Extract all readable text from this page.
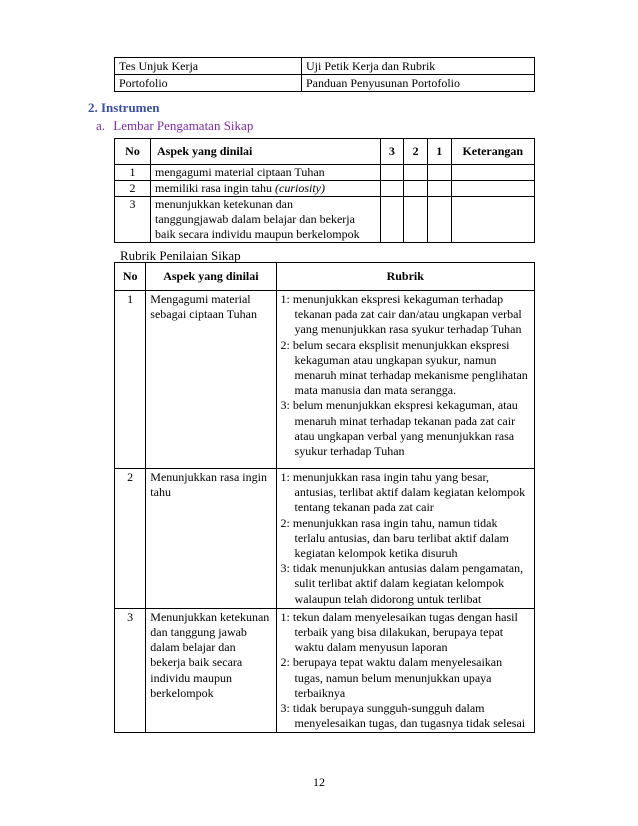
Tes Unjuk Kerja	Uji Petik Kerja dan Rubrik
Portofolio	Panduan Penyusunan Portofolio
2. Instrumen
a. Lembar Pengamatan Sikap
No	Aspek yang dinilai	3	2	1	Keterangan
1	mengagumi material ciptaan Tuhan				
2	memiliki rasa ingin tahu (curiosity)				
3	menunjukkan ketekunan dan
tanggungjawab dalam belajar dan bekerja
baik secara individu maupun berkelompok				

Rubrik Penilaian Sikap
No	Aspek yang dinilai	Rubrik
1	Mengagumi material sebagai ciptaan Tuhan	1: menunjukkan ekspresi kekaguman terhadap tekanan pada zat cair dan/atau ungkapan verbal yang menunjukkan rasa syukur terhadap Tuhan
2: belum secara eksplisit menunjukkan ekspresi kekaguman atau ungkapan syukur, namun menaruh minat terhadap mekanisme penglihatan mata manusia dan mata serangga.
3: belum menunjukkan ekspresi kekaguman, atau menaruh minat terhadap tekanan pada zat cair atau ungkapan verbal yang menunjukkan rasa syukur terhadap Tuhan

2	Menunjukkan rasa ingin tahu	1: menunjukkan rasa ingin tahu yang besar, antusias, terlibat aktif dalam kegiatan kelompok tentang tekanan pada zat cair
2: menunjukkan rasa ingin tahu, namun tidak terlalu antusias, dan baru terlibat aktif dalam kegiatan kelompok ketika disuruh
3: tidak menunjukkan antusias dalam pengamatan, sulit terlibat aktif dalam kegiatan kelompok walaupun telah didorong untuk terlibat

3	Menunjukkan ketekunan dan tanggung jawab dalam belajar dan bekerja baik secara individu maupun berkelompok	1: tekun dalam menyelesaikan tugas dengan hasil terbaik yang bisa dilakukan, berupaya tepat waktu dalam menyusun laporan
2: berupaya tepat waktu dalam menyelesaikan tugas, namun belum menunjukkan upaya terbaiknya
3: tidak berupaya sungguh-sungguh dalam menyelesaikan tugas, dan tugasnya tidak selesai
12
